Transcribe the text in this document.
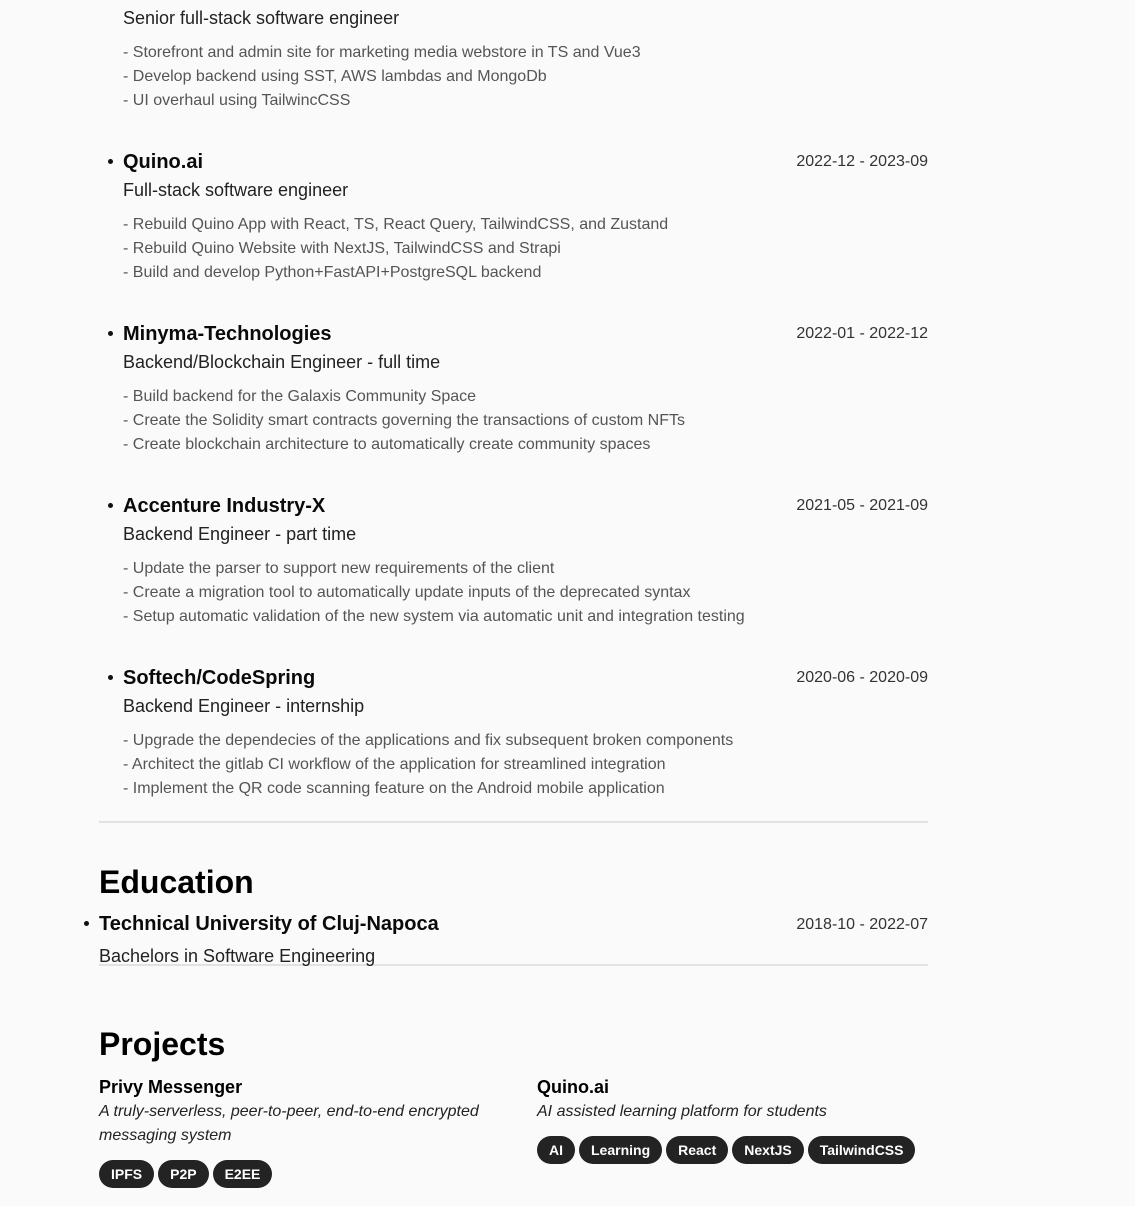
Senior full-stack software engineer
- Storefront and admin site for marketing media webstore in TS and Vue3
- Develop backend using SST, AWS lambdas and MongoDb
- UI overhaul using TailwincCSS
Quino.ai	2022-12 - 2023-09
Full-stack software engineer
- Rebuild Quino App with React, TS, React Query, TailwindCSS, and Zustand
- Rebuild Quino Website with NextJS, TailwindCSS and Strapi
- Build and develop Python+FastAPI+PostgreSQL backend
Minyma-Technologies	2022-01 - 2022-12
Backend/Blockchain Engineer - full time
- Build backend for the Galaxis Community Space
- Create the Solidity smart contracts governing the transactions of custom NFTs
- Create blockchain architecture to automatically create community spaces
Accenture Industry-X	2021-05 - 2021-09
Backend Engineer - part time
- Update the parser to support new requirements of the client
- Create a migration tool to automatically update inputs of the deprecated syntax
- Setup automatic validation of the new system via automatic unit and integration testing
Softech/CodeSpring	2020-06 - 2020-09
Backend Engineer - internship
- Upgrade the dependecies of the applications and fix subsequent broken components
- Architect the gitlab CI workflow of the application for streamlined integration
- Implement the QR code scanning feature on the Android mobile application
Education
Technical University of Cluj-Napoca	2018-10 - 2022-07
Bachelors in Software Engineering
Projects
Privy Messenger
A truly-serverless, peer-to-peer, end-to-end encrypted messaging system
IPFS	P2P	E2EE
Quino.ai
AI assisted learning platform for students
AI	Learning	React	NextJS	TailwindCSS
